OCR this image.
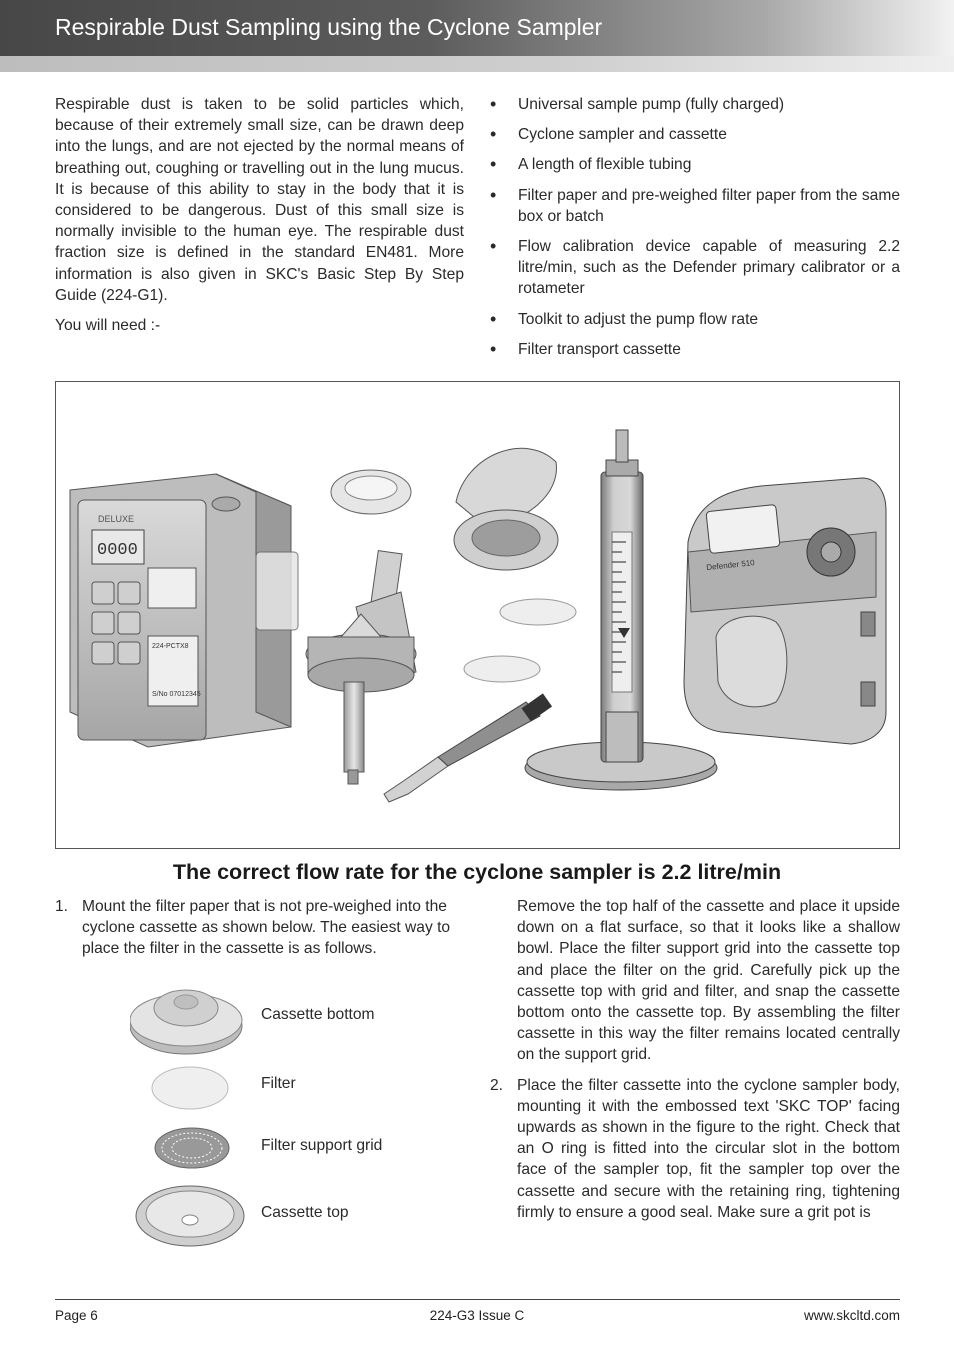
Respirable Dust Sampling using the Cyclone Sampler

Respirable dust is taken to be solid particles which, because of their extremely small size, can be drawn deep into the lungs, and are not ejected by the normal means of breathing out, coughing or travelling out in the lung mucus. It is because of this ability to stay in the body that it is considered to be dangerous. Dust of this small size is normally invisible to the human eye. The respirable dust fraction size is defined in the standard EN481. More information is also given in SKC's Basic Step By Step Guide (224-G1).

You will need :-

• Universal sample pump (fully charged)
• Cyclone sampler and cassette
• A length of flexible tubing
• Filter paper and pre-weighed filter paper from the same box or batch
• Flow calibration device capable of measuring 2.2 litre/min, such as the Defender primary calibrator or a rotameter
• Toolkit to adjust the pump flow rate
• Filter transport cassette
DELUXE
0000
224-PCTX8
S/No 07012345
Defender 510
The correct flow rate for the cyclone sampler is 2.2 litre/min
1. Mount the filter paper that is not pre-weighed into the cyclone cassette as shown below. The easiest way to place the filter in the cassette is as follows.
Cassette bottom
Filter
Filter support grid
Cassette top
Remove the top half of the cassette and place it upside down on a flat surface, so that it looks like a shallow bowl. Place the filter support grid into the cassette top and place the filter on the grid. Carefully pick up the cassette top with grid and filter, and snap the cassette bottom onto the cassette top. By assembling the filter cassette in this way the filter remains located centrally on the support grid.
2. Place the filter cassette into the cyclone sampler body, mounting it with the embossed text 'SKC TOP' facing upwards as shown in the figure to the right. Check that an O ring is fitted into the circular slot in the bottom face of the sampler top, fit the sampler top over the cassette and secure with the retaining ring, tightening firmly to ensure a good seal. Make sure a grit pot is
Page 6	224-G3 Issue C	www.skcltd.com
